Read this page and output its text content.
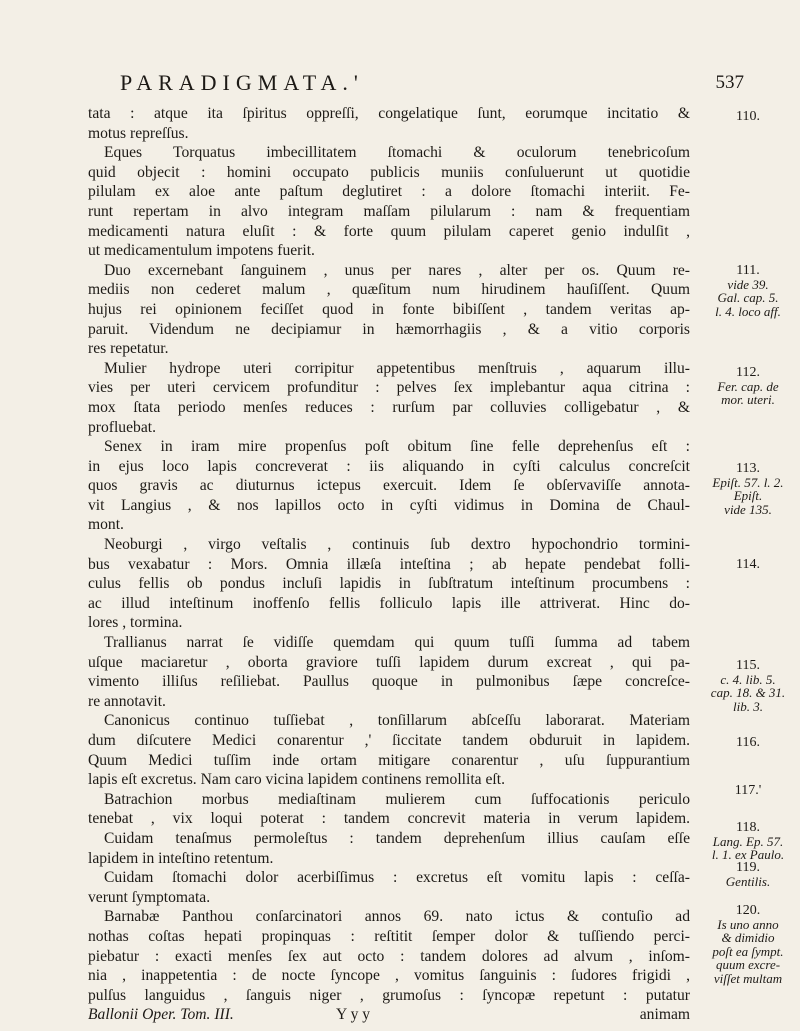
PARADIGMATA.'	537
tata : atque ita ſpiritus oppreſſi, congelatique ſunt, eorumque incitatio &
motus repreſſus.
Eques Torquatus imbecillitatem ſtomachi & oculorum tenebricoſum
quid objecit : homini occupato publicis muniis conſuluerunt ut quotidie
pilulam ex aloe ante paſtum deglutiret : a dolore ſtomachi interiit. Fe-
runt repertam in alvo integram maſſam pilularum : nam & frequentiam
medicamenti natura eluſit : & forte quum pilulam caperet genio indulſit ,
ut medicamentulum impotens fuerit.
Duo excernebant ſanguinem , unus per nares , alter per os. Quum re-
mediis non cederet malum , quæſitum num hirudinem hauſiſſent. Quum
hujus rei opinionem feciſſet quod in fonte bibiſſent , tandem veritas ap-
paruit. Videndum ne decipiamur in hæmorrhagiis , & a vitio corporis
res repetatur.
Mulier hydrope uteri corripitur appetentibus menſtruis , aquarum illu-
vies per uteri cervicem profunditur : pelves ſex implebantur aqua citrina :
mox ſtata periodo menſes reduces : rurſum par colluvies colligebatur , &
profluebat.
Senex in iram mire propenſus poſt obitum ſine felle deprehenſus eſt :
in ejus loco lapis concreverat : iis aliquando in cyſti calculus concreſcit
quos gravis ac diuturnus ictерus exercuit. Idem ſe obſervaviſſe annota-
vit Langius , & nos lapillos octo in cyſti vidimus in Domina de Chaul-
mont.
Neoburgi , virgo veſtalis , continuis ſub dextro hypochondrio tormini-
bus vexabatur : Mors. Omnia illæſa inteſtina ; ab hepate pendebat folli-
culus fellis ob pondus incluſi lapidis in ſubſtratum inteſtinum procumbens :
ac illud inteſtinum inoffenſo fellis folliculo lapis ille attriverat. Hinc do-
lores , tormina.
Trallianus narrat ſe vidiſſe quemdam qui quum tuſſi ſumma ad tabem
uſque maciaretur , oborta graviore tuſſi lapidem durum excreat , qui pa-
vimento illiſus reſiliebat. Paullus quoque in pulmonibus ſæpe concreſce-
re annotavit.
Canonicus continuo tuſſiebat , tonſillarum abſceſſu laborarat. Materiam
dum diſcutere Medici conarentur ,' ſiccitate tandem obduruit in lapidem.
Quum Medici tuſſim inde ortam mitigare conarentur , uſu ſuppurantium
lapis eſt excretus. Nam caro vicina lapidem continens remollita eſt.
Batrachion morbus mediaſtinam mulierem cum ſuffocationis periculo
tenebat , vix loqui poterat : tandem concrevit materia in verum lapidem.
Cuidam tenaſmus permoleſtus : tandem deprehenſum illius cauſam eſſe
lapidem in inteſtino retentum.
Cuidam ſtomachi dolor acerbiſſimus : excretus eſt vomitu lapis : ceſſa-
verunt ſymptomata.
Barnabæ Panthou conſarcinatori annos 69. nato ictus & contuſio ad
nothas coſtas hepati propinquas : reſtitit ſemper dolor & tuſſiendo perci-
piebatur : exacti menſes ſex aut octo : tandem dolores ad alvum , inſom-
nia , inappetentia : de nocte ſyncope , vomitus ſanguinis : ſudores frigidi ,
pulſus languidus , ſanguis niger , grumoſus : ſyncopæ repetunt : putatur
Ballonii Oper. Tom. III.	Y y y	animam
110.
111.
vide 39.
Gal. cap. 5.
l. 4. loco aff.
112.
Fer. cap. de
mor. uteri.
113.
Epiſt. 57. l. 2.
Epiſt.
vide 135.
114.
115.
c. 4. lib. 5.
cap. 18. & 31.
lib. 3.
116.
117.'
118.
Lang. Ep. 57.
l. 1. ex Paulo.
119.
Gentilis.
120.
Is uno anno
& dimidio
poſt ea ſympt.
quum excre-
viſſet multam
